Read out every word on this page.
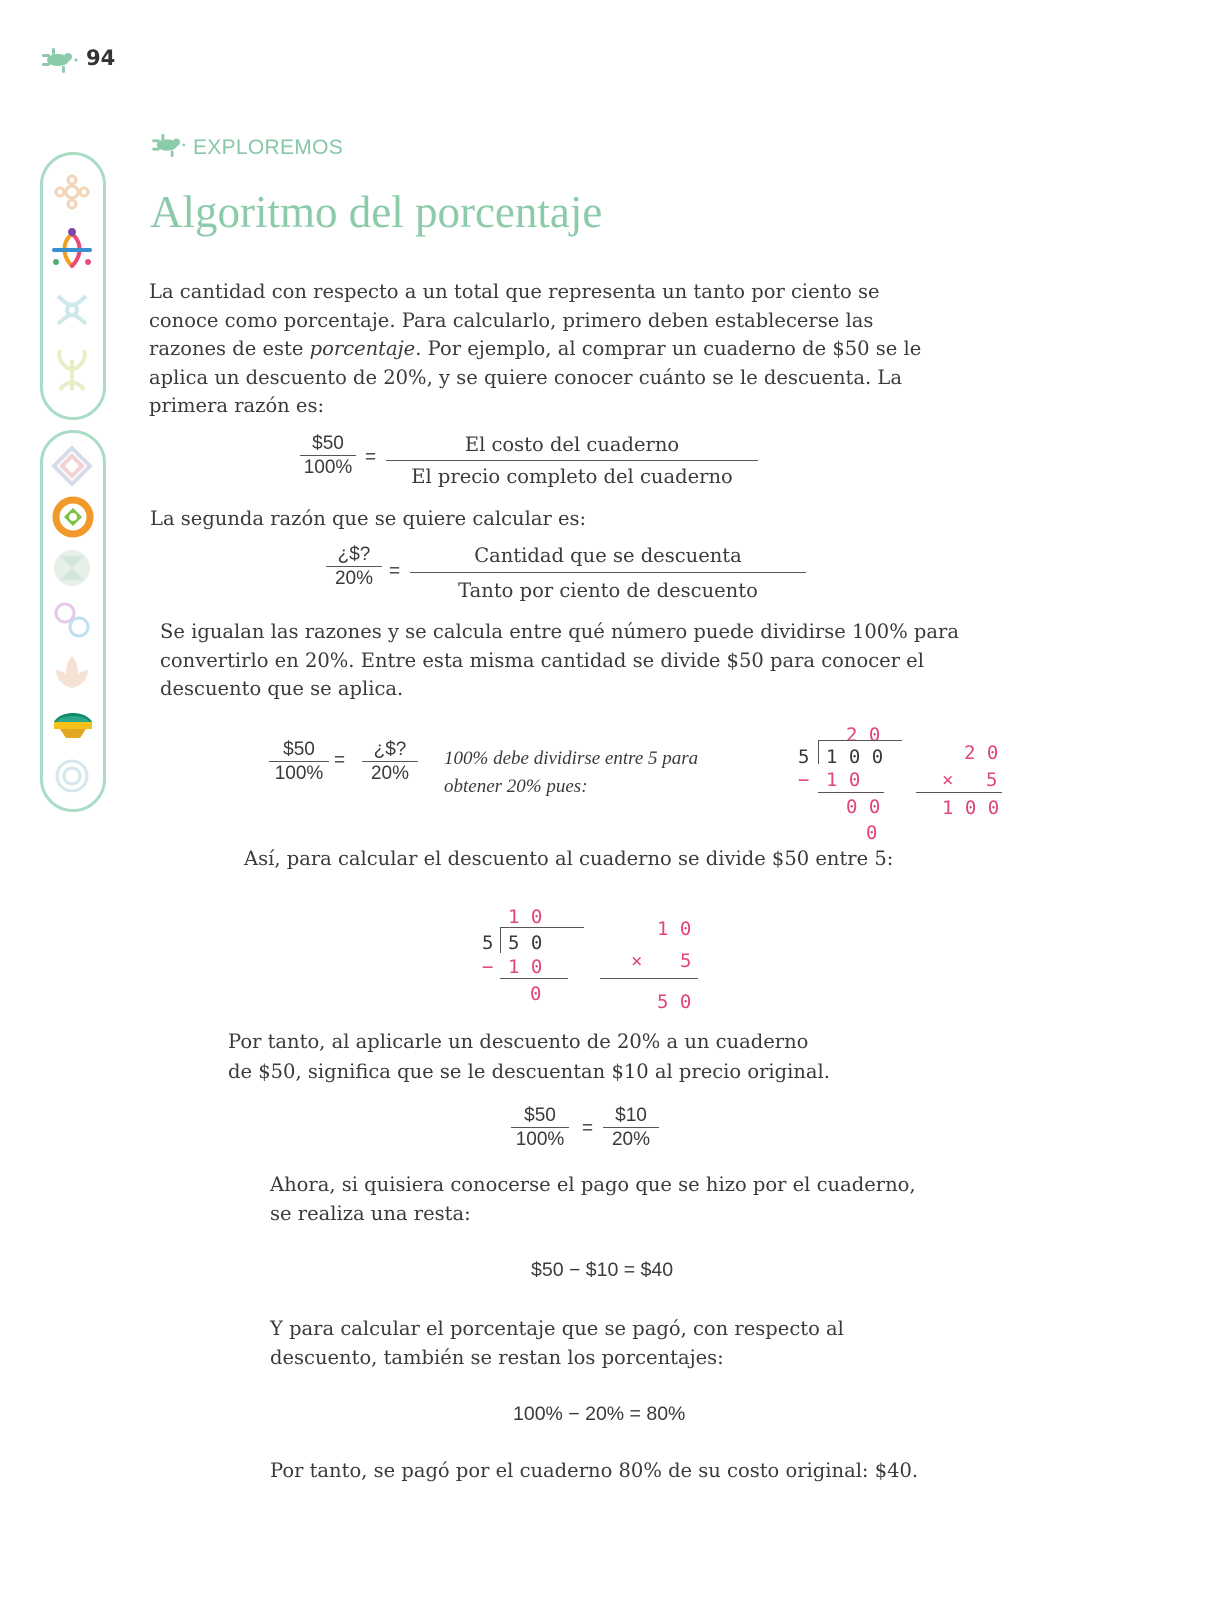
94
EXPLOREMOS
Algoritmo del porcentaje

La cantidad con respecto a un total que representa un tanto por ciento se

conoce como porcentaje. Para calcularlo, primero deben establecerse las

razones de este porcentaje. Por ejemplo, al comprar un cuaderno de $50 se le

aplica un descuento de 20%, y se quiere conocer cuánto se le descuenta. La

primera razón es:

$\frac{\$50}{100\%}$ =
El costo del cuaderno
El precio completo del cuaderno

La segunda razón que se quiere calcular es:

$\frac{¿\$?}{20\%}$ =
Cantidad que se descuenta
Tanto por ciento de descuento

Se igualan las razones y se calcula entre qué número puede dividirse 100% para

convertirlo en 20%. Entre esta misma cantidad se divide $50 para conocer el

descuento que se aplica.

$\frac{\$50}{100\%} = \frac{¿\$?}{20\%} 100\%$ debe dividirse entre 5 para
obtener 20% pues:
2 0
5 1 0 0
− 1 0
0 0
0
2 0
× 5
1 0 0

Así, para calcular el descuento al cuaderno se divide $50 entre 5:

1 0
5 5 0
− 1 0
0
1 0
× 5
5 0

Por tanto, al aplicarle un descuento de 20% a un cuaderno

de $50, significa que se le descuentan $10 al precio original.

$\frac{\$50}{100\%} = \frac{\$10}{20\%}$

Ahora, si quisiera conocerse el pago que se hizo por el cuaderno,

se realiza una resta:

$50 − $10 = $40

Y para calcular el porcentaje que se pagó, con respecto al

descuento, también se restan los porcentajes:

100% − 20% = 80%

Por tanto, se pagó por el cuaderno 80% de su costo original: $40.
